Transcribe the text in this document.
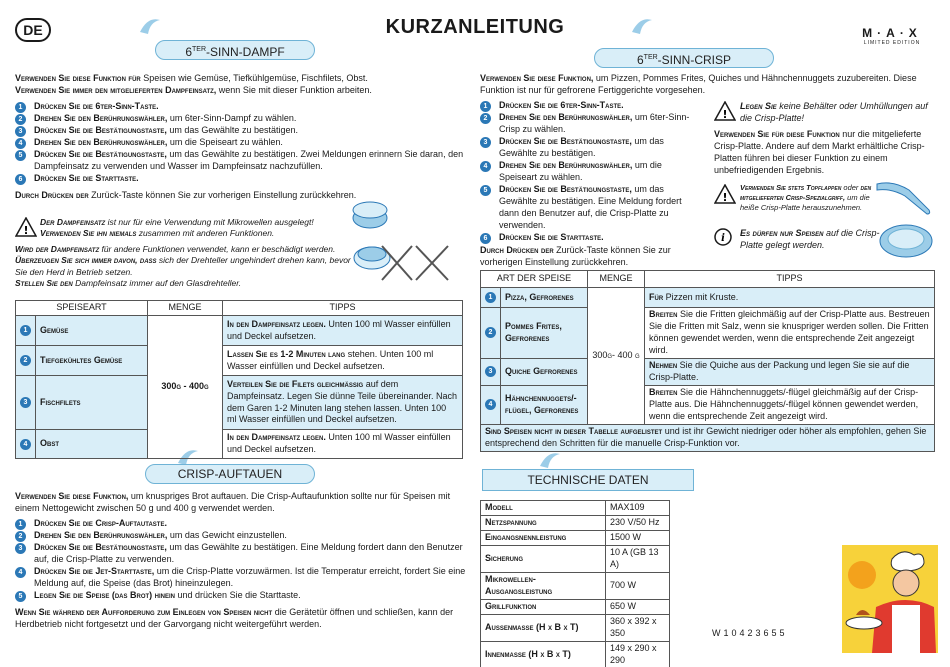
DE	KURZANLEITUNG	M·A·X
LIMITED EDITION
$6^{TER}-SINN$-DAMPF

Verwenden Sie diese Funktion für Speisen wie Gemüse, Tiefkühlgemüse, Fischfilets, Obst.

Verwenden Sie immer den mitgelieferten Dampfeinsatz, wenn Sie mit dieser Funktion arbeiten.

1	Drücken Sie die 6ter-Sinn-Taste.
2	Drehen Sie den Berührungswähler, um 6ter-Sinn-Dampf zu wählen.
3	Drücken Sie die Bestätigungstaste, um das Gewählte zu bestätigen.
4	Drehen Sie den Berührungswähler, um die Speiseart zu wählen.
5	Drücken Sie die Bestätigungstaste, um das Gewählte zu bestätigen. Zwei Meldungen erinnern Sie daran, den Dampfeinsatz zu verwenden und Wasser im Dampfeinsatz nachzufüllen.
6	Drücken Sie die Starttaste.

Durch Drücken der Zurück-Taste können Sie zur vorherigen Einstellung zurückkehren.

!

Der Dampfeinsatz ist nur für eine Verwendung mit Mikrowellen ausgelegt!

Verwenden Sie ihn niemals zusammen mit anderen Funktionen.

Wird der Dampfeinsatz für andere Funktionen verwendet, kann er beschädigt werden.

Überzeugen Sie sich immer davon, dass sich der Drehteller ungehindert drehen kann, bevor Sie den Herd in Betrieb setzen.

Stellen Sie den Dampfeinsatz immer auf den Glasdrehteller.

SPEISEART		MENGE	TIPPS

1	Gemüse	300g - 400g	In den Dampfeinsatz legen. Unten 100 ml Wasser einfüllen und Deckel aufsetzen.

2	Tiefgekühltes Gemüse		Lassen Sie es 1-2 Minuten lang stehen. Unten 100 ml Wasser einfüllen und Deckel aufsetzen.

3	Fischfilets		Verteilen Sie die Filets gleichmässig auf dem Dampfeinsatz. Legen Sie dünne Teile übereinander. Nach dem Garen 1-2 Minuten lang stehen lassen. Unten 100 ml Wasser einfüllen und Deckel aufsetzen.

4	Obst		In den Dampfeinsatz legen. Unten 100 ml Wasser einfüllen und Deckel aufsetzen.
CRISP-AUFTAUEN

Verwenden Sie diese Funktion, um knuspriges Brot auftauen. Die Crisp-Auftaufunktion sollte nur für Speisen mit einem Nettogewicht zwischen 50 g und 400 g verwendet werden.

1	Drücken Sie die Crisp-Auftautaste.
2	Drehen Sie den Berührungswähler, um das Gewicht einzustellen.
3	Drücken Sie die Bestätigungstaste, um das Gewählte zu bestätigen. Eine Meldung fordert dann den Benutzer auf, die Crisp-Platte zu verwenden.
4	Drücken Sie die Jet-Starttaste, um die Crisp-Platte vorzuwärmen. Ist die Temperatur erreicht, fordert Sie eine Meldung auf, die Speise (das Brot) hineinzulegen.
5	Legen Sie die Speise (das Brot) hinein und drücken Sie die Starttaste.

Wenn Sie während der Aufforderung zum Einlegen von Speisen nicht die Gerätetür öffnen und schließen, kann der Herdbetrieb nicht fortgesetzt und der Garvorgang nicht weitergeführt werden.

$6^{TER}-SINN$-CRISP

Verwenden Sie diese Funktion, um Pizzen, Pommes Frites, Quiches und Hähnchennuggets zuzubereiten. Diese Funktion ist nur für gefrorene Fertiggerichte vorgesehen.

1	Drücken Sie die 6ter-Sinn-Taste.
2	Drehen Sie den Berührungswähler, um 6ter-Sinn-Crisp zu wählen.
3	Drücken Sie die Bestätigungstaste, um das Gewählte zu bestätigen.
4	Drehen Sie den Berührungswähler, um die Speiseart zu wählen.
5	Drücken Sie die Bestätigungstaste, um das Gewählte zu bestätigen. Eine Meldung fordert dann den Benutzer auf, die Crisp-Platte zu verwenden.
6	Drücken Sie die Starttaste.

Durch Drücken der Zurück-Taste können Sie zur vorherigen Einstellung zurückkehren.

!

Legen Sie keine Behälter oder Umhüllungen auf die Crisp-Platte!

Verwenden Sie für diese Funktion nur die mitgelieferte Crisp-Platte. Andere auf dem Markt erhältliche Crisp-Platten führen bei dieser Funktion zu einem unbefriedigenden Ergebnis.

!

Verwenden Sie stets Topflappen oder den mitgelieferten Crisp-Spezialgriff, um die heiße Crisp-Platte herauszunehmen.

i Es dürfen nur Speisen auf die Crisp-Platte gelegt werden.

ART DER SPEISE		MENGE	TIPPS

1	Pizza, Gefrorenes	300g- 400 g	Für Pizzen mit Kruste.

2	Pommes Frites, Gefrorenes		Breiten Sie die Fritten gleichmäßig auf der Crisp-Platte aus. Bestreuen Sie die Fritten mit Salz, wenn sie knuspriger werden sollen. Die Fritten können gewendet werden, wenn die entsprechende Zeit angezeigt wird.

3	Quiche Gefrorenes		Nehmen Sie die Quiche aus der Packung und legen Sie sie auf die Crisp-Platte.

4	Hähnchennuggets/-flügel, Gefrorenes		Breiten Sie die Hähnchennuggets/-flügel gleichmäßig auf der Crisp-Platte aus. Die Hähnchennuggets/-flügel können gewendet werden, wenn die entsprechende Zeit angezeigt wird.
Sind Speisen nicht in dieser Tabelle aufgelistet und ist ihr Gewicht niedriger oder höher als empfohlen, gehen Sie entsprechend den Schritten für die manuelle Crisp-Funktion vor.			
TECHNISCHE DATEN
Modell	MAX109
Netzspannung	230 V/50 Hz
Eingangsnennleistung	1500 W
Sicherung	10 A (GB 13 A)
Mikrowellen-Ausgangsleistung	700 W
Grillfunktion	650 W
Aussenmasse (H x B x T)	360 x 392 x 350
Innenmasse (H x B x T)	149 x 290 x 290
W10423655
